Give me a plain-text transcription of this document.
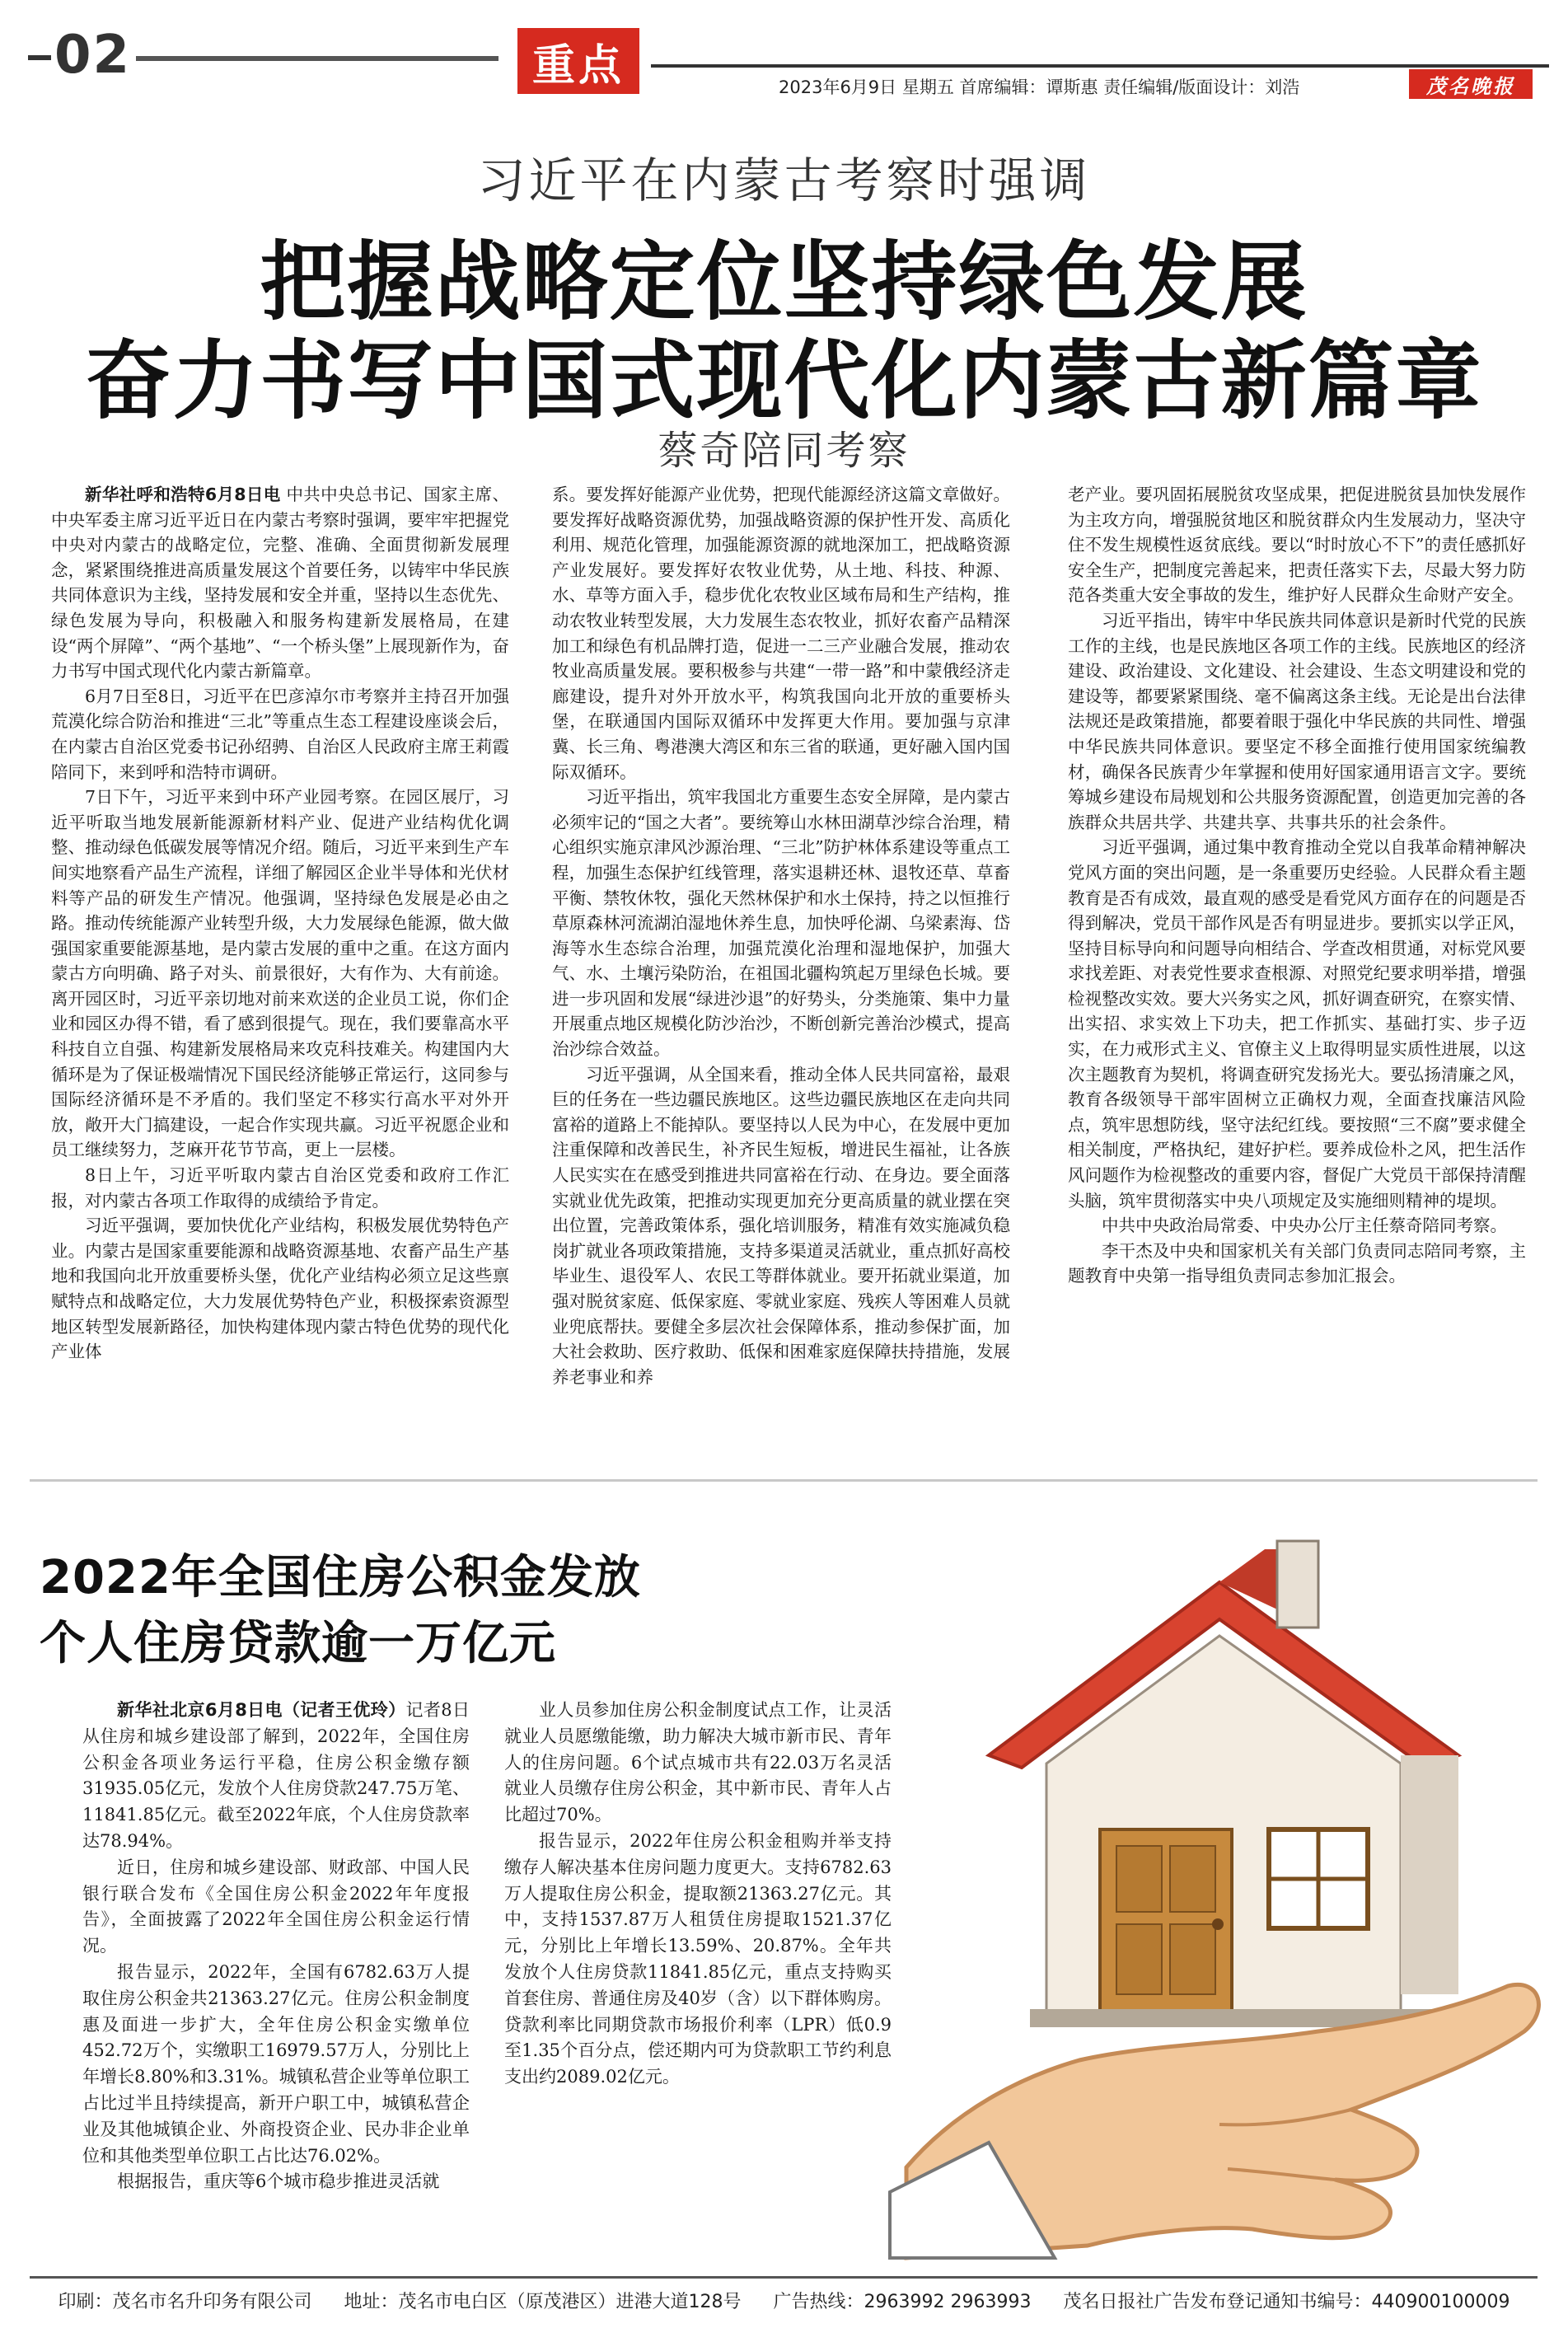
02	重点	2023年6月9日 星期五 首席编辑：谭斯惠 责任编辑/版面设计：刘浩	茂名晚报
习近平在内蒙古考察时强调
把握战略定位坚持绿色发展
奋力书写中国式现代化内蒙古新篇章
蔡奇陪同考察

新华社呼和浩特6月8日电 中共中央总书记、国家主席、中央军委主席习近平近日在内蒙古考察时强调，要牢牢把握党中央对内蒙古的战略定位，完整、准确、全面贯彻新发展理念，紧紧围绕推进高质量发展这个首要任务，以铸牢中华民族共同体意识为主线，坚持发展和安全并重，坚持以生态优先、绿色发展为导向，积极融入和服务构建新发展格局，在建设“两个屏障”、“两个基地”、“一个桥头堡”上展现新作为，奋力书写中国式现代化内蒙古新篇章。

6月7日至8日，习近平在巴彦淖尔市考察并主持召开加强荒漠化综合防治和推进“三北”等重点生态工程建设座谈会后，在内蒙古自治区党委书记孙绍骋、自治区人民政府主席王莉霞陪同下，来到呼和浩特市调研。

7日下午，习近平来到中环产业园考察。在园区展厅，习近平听取当地发展新能源新材料产业、促进产业结构优化调整、推动绿色低碳发展等情况介绍。随后，习近平来到生产车间实地察看产品生产流程，详细了解园区企业半导体和光伏材料等产品的研发生产情况。他强调，坚持绿色发展是必由之路。推动传统能源产业转型升级，大力发展绿色能源，做大做强国家重要能源基地，是内蒙古发展的重中之重。在这方面内蒙古方向明确、路子对头、前景很好，大有作为、大有前途。离开园区时，习近平亲切地对前来欢送的企业员工说，你们企业和园区办得不错，看了感到很提气。现在，我们要靠高水平科技自立自强、构建新发展格局来攻克科技难关。构建国内大循环是为了保证极端情况下国民经济能够正常运行，这同参与国际经济循环是不矛盾的。我们坚定不移实行高水平对外开放，敞开大门搞建设，一起合作实现共赢。习近平祝愿企业和员工继续努力，芝麻开花节节高，更上一层楼。

8日上午，习近平听取内蒙古自治区党委和政府工作汇报，对内蒙古各项工作取得的成绩给予肯定。

习近平强调，要加快优化产业结构，积极发展优势特色产业。内蒙古是国家重要能源和战略资源基地、农畜产品生产基地和我国向北开放重要桥头堡，优化产业结构必须立足这些禀赋特点和战略定位，大力发展优势特色产业，积极探索资源型地区转型发展新路径，加快构建体现内蒙古特色优势的现代化产业体

系。要发挥好能源产业优势，把现代能源经济这篇文章做好。要发挥好战略资源优势，加强战略资源的保护性开发、高质化利用、规范化管理，加强能源资源的就地深加工，把战略资源产业发展好。要发挥好农牧业优势，从土地、科技、种源、水、草等方面入手，稳步优化农牧业区域布局和生产结构，推动农牧业转型发展，大力发展生态农牧业，抓好农畜产品精深加工和绿色有机品牌打造，促进一二三产业融合发展，推动农牧业高质量发展。要积极参与共建“一带一路”和中蒙俄经济走廊建设，提升对外开放水平，构筑我国向北开放的重要桥头堡，在联通国内国际双循环中发挥更大作用。要加强与京津冀、长三角、粤港澳大湾区和东三省的联通，更好融入国内国际双循环。

习近平指出，筑牢我国北方重要生态安全屏障，是内蒙古必须牢记的“国之大者”。要统筹山水林田湖草沙综合治理，精心组织实施京津风沙源治理、“三北”防护林体系建设等重点工程，加强生态保护红线管理，落实退耕还林、退牧还草、草畜平衡、禁牧休牧，强化天然林保护和水土保持，持之以恒推行草原森林河流湖泊湿地休养生息，加快呼伦湖、乌梁素海、岱海等水生态综合治理，加强荒漠化治理和湿地保护，加强大气、水、土壤污染防治，在祖国北疆构筑起万里绿色长城。要进一步巩固和发展“绿进沙退”的好势头，分类施策、集中力量开展重点地区规模化防沙治沙，不断创新完善治沙模式，提高治沙综合效益。

习近平强调，从全国来看，推动全体人民共同富裕，最艰巨的任务在一些边疆民族地区。这些边疆民族地区在走向共同富裕的道路上不能掉队。要坚持以人民为中心，在发展中更加注重保障和改善民生，补齐民生短板，增进民生福祉，让各族人民实实在在感受到推进共同富裕在行动、在身边。要全面落实就业优先政策，把推动实现更加充分更高质量的就业摆在突出位置，完善政策体系，强化培训服务，精准有效实施减负稳岗扩就业各项政策措施，支持多渠道灵活就业，重点抓好高校毕业生、退役军人、农民工等群体就业。要开拓就业渠道，加强对脱贫家庭、低保家庭、零就业家庭、残疾人等困难人员就业兜底帮扶。要健全多层次社会保障体系，推动参保扩面，加大社会救助、医疗救助、低保和困难家庭保障扶持措施，发展养老事业和养

老产业。要巩固拓展脱贫攻坚成果，把促进脱贫县加快发展作为主攻方向，增强脱贫地区和脱贫群众内生发展动力，坚决守住不发生规模性返贫底线。要以“时时放心不下”的责任感抓好安全生产，把制度完善起来，把责任落实下去，尽最大努力防范各类重大安全事故的发生，维护好人民群众生命财产安全。

习近平指出，铸牢中华民族共同体意识是新时代党的民族工作的主线，也是民族地区各项工作的主线。民族地区的经济建设、政治建设、文化建设、社会建设、生态文明建设和党的建设等，都要紧紧围绕、毫不偏离这条主线。无论是出台法律法规还是政策措施，都要着眼于强化中华民族的共同性、增强中华民族共同体意识。要坚定不移全面推行使用国家统编教材，确保各民族青少年掌握和使用好国家通用语言文字。要统筹城乡建设布局规划和公共服务资源配置，创造更加完善的各族群众共居共学、共建共享、共事共乐的社会条件。

习近平强调，通过集中教育推动全党以自我革命精神解决党风方面的突出问题，是一条重要历史经验。人民群众看主题教育是否有成效，最直观的感受是看党风方面存在的问题是否得到解决，党员干部作风是否有明显进步。要抓实以学正风，坚持目标导向和问题导向相结合、学查改相贯通，对标党风要求找差距、对表党性要求查根源、对照党纪要求明举措，增强检视整改实效。要大兴务实之风，抓好调查研究，在察实情、出实招、求实效上下功夫，把工作抓实、基础打实、步子迈实，在力戒形式主义、官僚主义上取得明显实质性进展，以这次主题教育为契机，将调查研究发扬光大。要弘扬清廉之风，教育各级领导干部牢固树立正确权力观，全面查找廉洁风险点，筑牢思想防线，坚守法纪红线。要按照“三不腐”要求健全相关制度，严格执纪，建好护栏。要养成俭朴之风，把生活作风问题作为检视整改的重要内容，督促广大党员干部保持清醒头脑，筑牢贯彻落实中央八项规定及实施细则精神的堤坝。

中共中央政治局常委、中央办公厅主任蔡奇陪同考察。

李干杰及中央和国家机关有关部门负责同志陪同考察，主题教育中央第一指导组负责同志参加汇报会。

2022年全国住房公积金发放
个人住房贷款逾一万亿元

新华社北京6月8日电（记者王优玲）记者8日从住房和城乡建设部了解到，2022年，全国住房公积金各项业务运行平稳，住房公积金缴存额31935.05亿元，发放个人住房贷款247.75万笔、11841.85亿元。截至2022年底，个人住房贷款率达78.94%。

近日，住房和城乡建设部、财政部、中国人民银行联合发布《全国住房公积金2022年年度报告》，全面披露了2022年全国住房公积金运行情况。

报告显示，2022年，全国有6782.63万人提取住房公积金共21363.27亿元。住房公积金制度惠及面进一步扩大，全年住房公积金实缴单位452.72万个，实缴职工16979.57万人，分别比上年增长8.80%和3.31%。城镇私营企业等单位职工占比过半且持续提高，新开户职工中，城镇私营企业及其他城镇企业、外商投资企业、民办非企业单位和其他类型单位职工占比达76.02%。

根据报告，重庆等6个城市稳步推进灵活就

业人员参加住房公积金制度试点工作，让灵活就业人员愿缴能缴，助力解决大城市新市民、青年人的住房问题。6个试点城市共有22.03万名灵活就业人员缴存住房公积金，其中新市民、青年人占比超过70%。

报告显示，2022年住房公积金租购并举支持缴存人解决基本住房问题力度更大。支持6782.63万人提取住房公积金，提取额21363.27亿元。其中，支持1537.87万人租赁住房提取1521.37亿元，分别比上年增长13.59%、20.87%。全年共发放个人住房贷款11841.85亿元，重点支持购买首套住房、普通住房及40岁（含）以下群体购房。贷款利率比同期贷款市场报价利率（LPR）低0.9至1.35个百分点，偿还期内可为贷款职工节约利息支出约2089.02亿元。

印刷：茂名市名升印务有限公司 地址：茂名市电白区（原茂港区）进港大道128号 广告热线：2963992 2963993 茂名日报社广告发布登记通知书编号：440900100009
